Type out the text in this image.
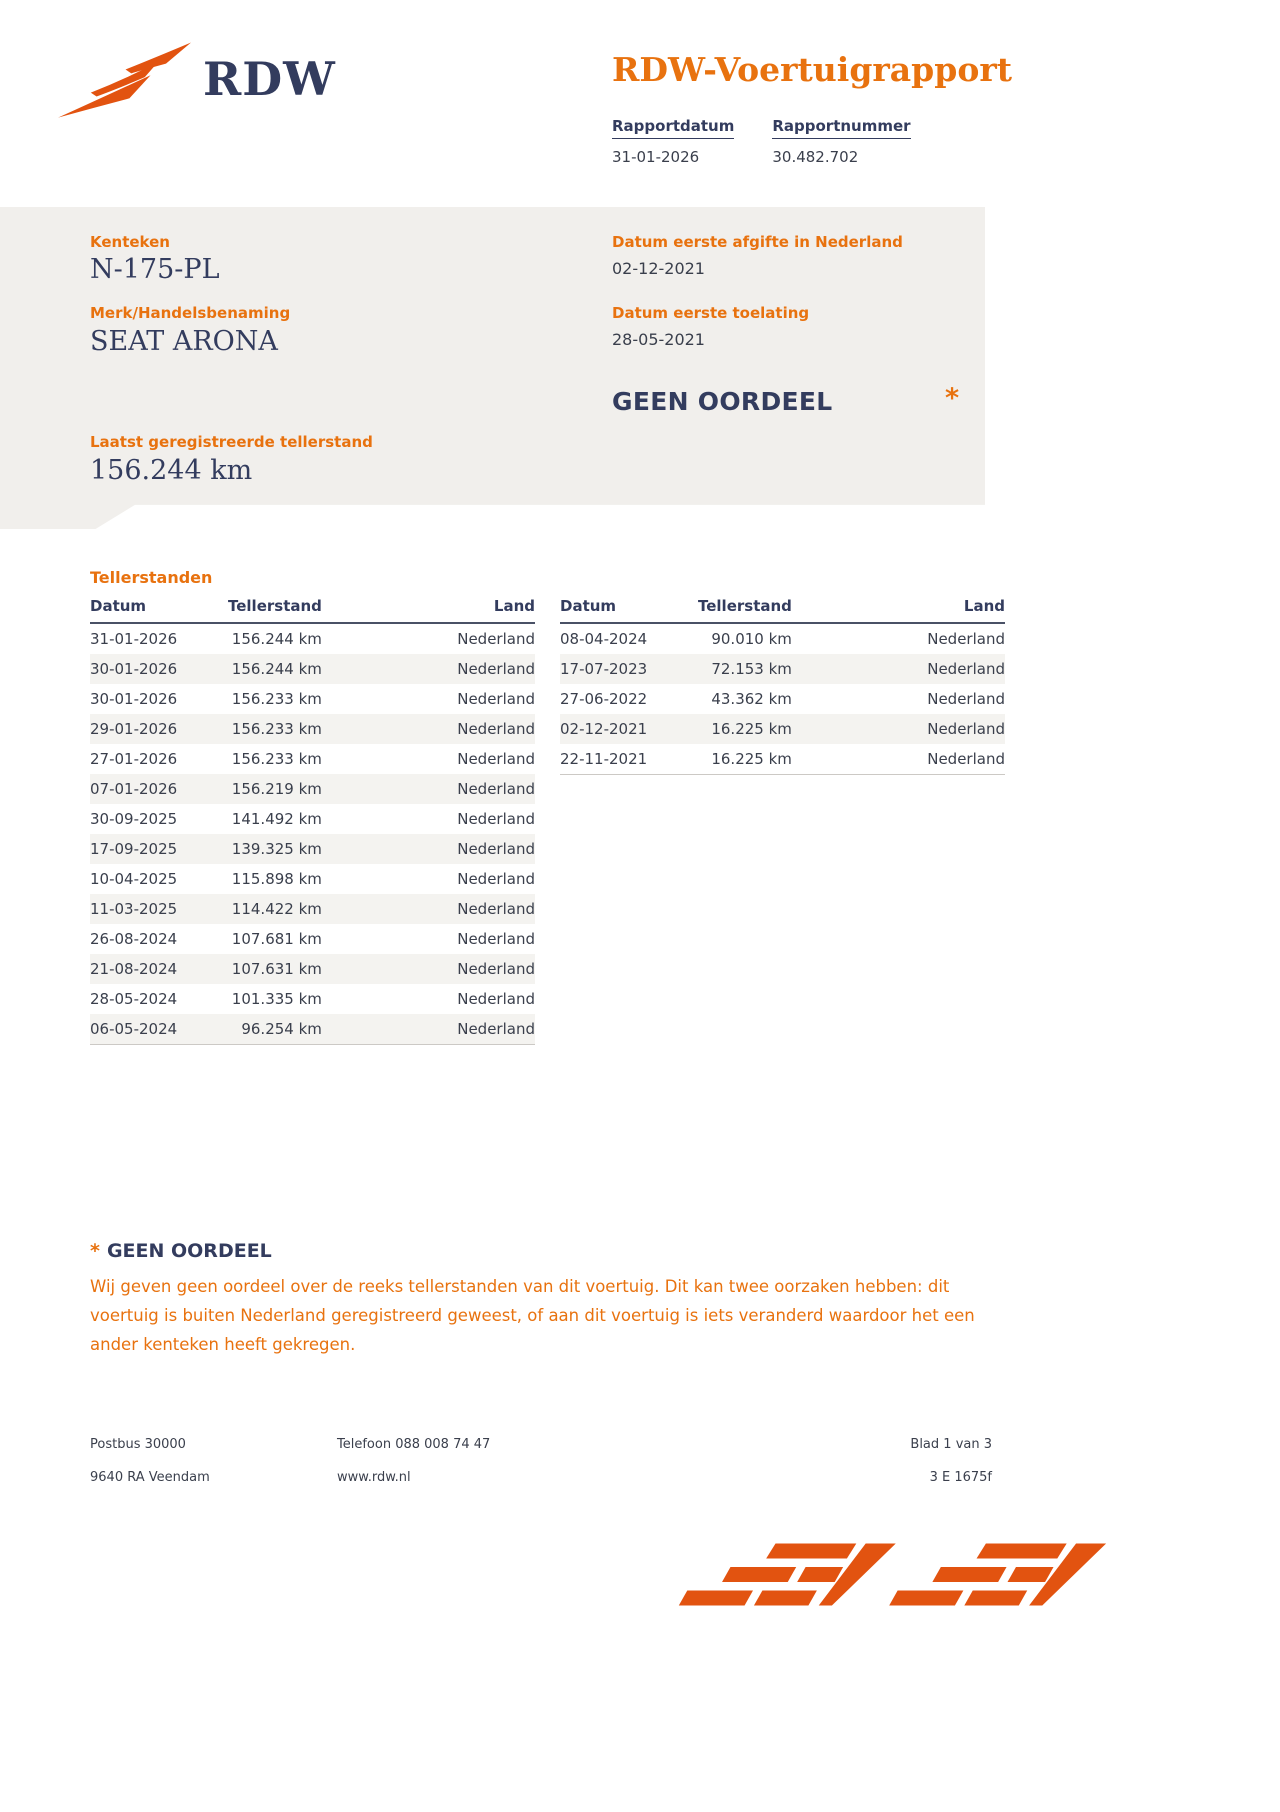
RDW	RDW-Voertuigrapport
Rapportdatum
31-01-2026
Rapportnummer
30.482.702
Kenteken
N-175-PL
Merk/Handelsbenaming
SEAT ARONA
Laatst geregistreerde tellerstand
156.244 km
Datum eerste afgifte in Nederland
02-12-2021
Datum eerste toelating
28-05-2021
GEEN OORDEEL	*
Tellerstanden
Datum	Tellerstand	Land
31-01-2026	156.244 km	Nederland
30-01-2026	156.244 km	Nederland
30-01-2026	156.233 km	Nederland
29-01-2026	156.233 km	Nederland
27-01-2026	156.233 km	Nederland
07-01-2026	156.219 km	Nederland
30-09-2025	141.492 km	Nederland
17-09-2025	139.325 km	Nederland
10-04-2025	115.898 km	Nederland
11-03-2025	114.422 km	Nederland
26-08-2024	107.681 km	Nederland
21-08-2024	107.631 km	Nederland
28-05-2024	101.335 km	Nederland
06-05-2024	96.254 km	Nederland
Datum	Tellerstand	Land
08-04-2024	90.010 km	Nederland
17-07-2023	72.153 km	Nederland
27-06-2022	43.362 km	Nederland
02-12-2021	16.225 km	Nederland
22-11-2021	16.225 km	Nederland
* GEEN OORDEEL
Wij geven geen oordeel over de reeks tellerstanden van dit voertuig. Dit kan twee oorzaken hebben: dit voertuig is buiten Nederland geregistreerd geweest, of aan dit voertuig is iets veranderd waardoor het een ander kenteken heeft gekregen.
Postbus 30000
9640 RA Veendam
Telefoon 088 008 74 47
www.rdw.nl
Blad 1 van 3
3 E 1675f
